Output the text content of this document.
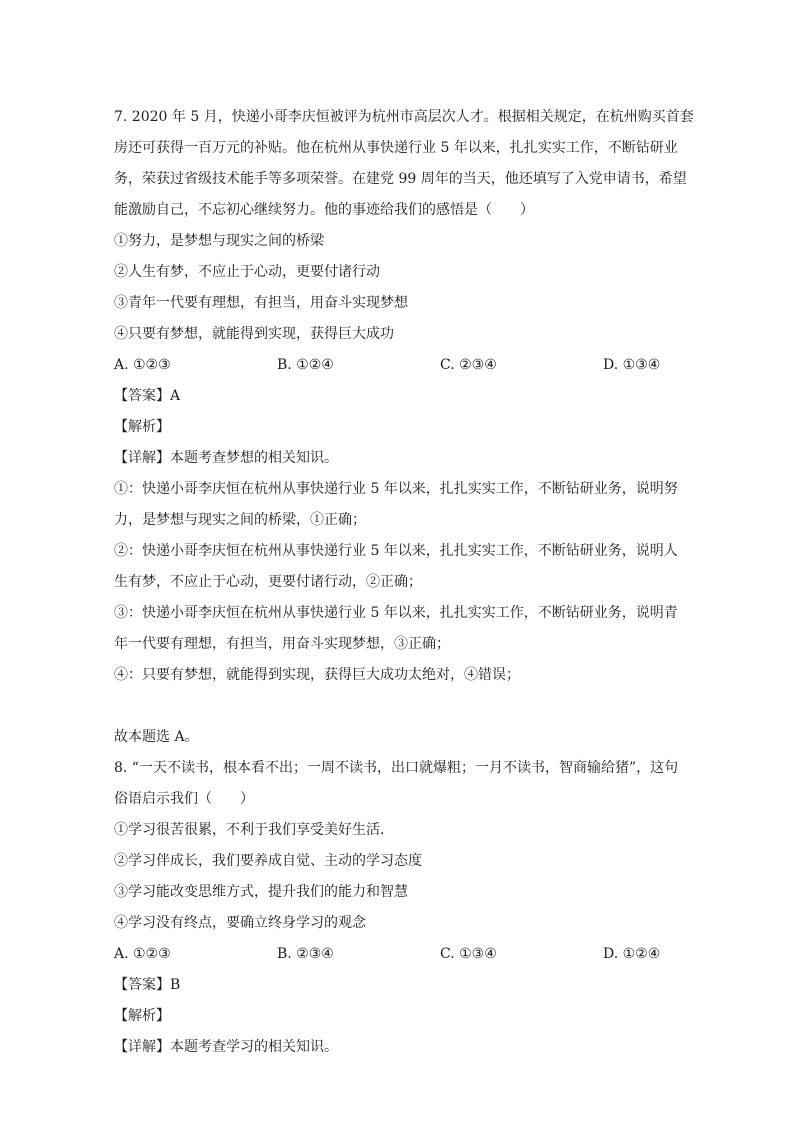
7. 2020 年 5 月，快递小哥李庆恒被评为杭州市高层次人才。根据相关规定，在杭州购买首套
房还可获得一百万元的补贴。他在杭州从事快递行业 5 年以来，扎扎实实工作，不断钻研业
务，荣获过省级技术能手等多项荣誉。在建党 99 周年的当天，他还填写了入党申请书，希望
能激励自己，不忘初心继续努力。他的事迹给我们的感悟是（　　）
①努力，是梦想与现实之间的桥梁
②人生有梦，不应止于心动，更要付诸行动
③青年一代要有理想，有担当，用奋斗实现梦想
④只要有梦想，就能得到实现，获得巨大成功
A. ①②③	B. ①②④	C. ②③④	D. ①③④
【答案】A
【解析】
【详解】本题考查梦想的相关知识。
①：快递小哥李庆恒在杭州从事快递行业 5 年以来，扎扎实实工作，不断钻研业务，说明努
力，是梦想与现实之间的桥梁，①正确；
②：快递小哥李庆恒在杭州从事快递行业 5 年以来，扎扎实实工作，不断钻研业务，说明人
生有梦，不应止于心动，更要付诸行动，②正确；
③：快递小哥李庆恒在杭州从事快递行业 5 年以来，扎扎实实工作，不断钻研业务，说明青
年一代要有理想，有担当，用奋斗实现梦想，③正确；
④：只要有梦想，就能得到实现，获得巨大成功太绝对，④错误；
故本题选 A。
8. “一天不读书，根本看不出；一周不读书，出口就爆粗；一月不读书，智商输给猪”，这句
俗语启示我们（　　）
①学习很苦很累，不利于我们享受美好生活.
②学习伴成长，我们要养成自觉、主动的学习态度
③学习能改变思维方式，提升我们的能力和智慧
④学习没有终点，要确立终身学习的观念
A. ①②③	B. ②③④	C. ①③④	D. ①②④
【答案】B
【解析】
【详解】本题考查学习的相关知识。
